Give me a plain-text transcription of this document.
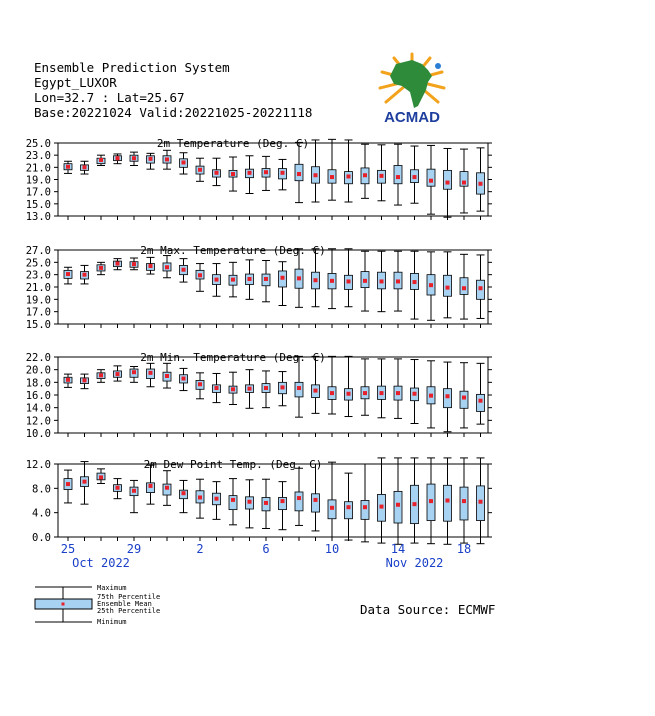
Ensemble Prediction System
Egypt_LUXOR
Lon=32.7 : Lat=25.67
Base:20221024 Valid:20221025-20221118	ACMAD
2m Temperature (Deg. C)
13.0
15.0
17.0
19.0
21.0
23.0
25.0
2m Max. Temperature (Deg. C)
15.0
17.0
19.0
21.0
23.0
25.0
27.0
2m Min. Temperature (Deg. C)
10.0
12.0
14.0
16.0
18.0
20.0
22.0
2m Dew Point Temp. (Deg. C)
0.0
4.0
8.0
12.0
25	29	2	6	10	14	18
Oct 2022	Nov 2022
Maximum
75th Percentile
Ensemble Mean
25th Percentile
Minimum
Data Source: ECMWF
